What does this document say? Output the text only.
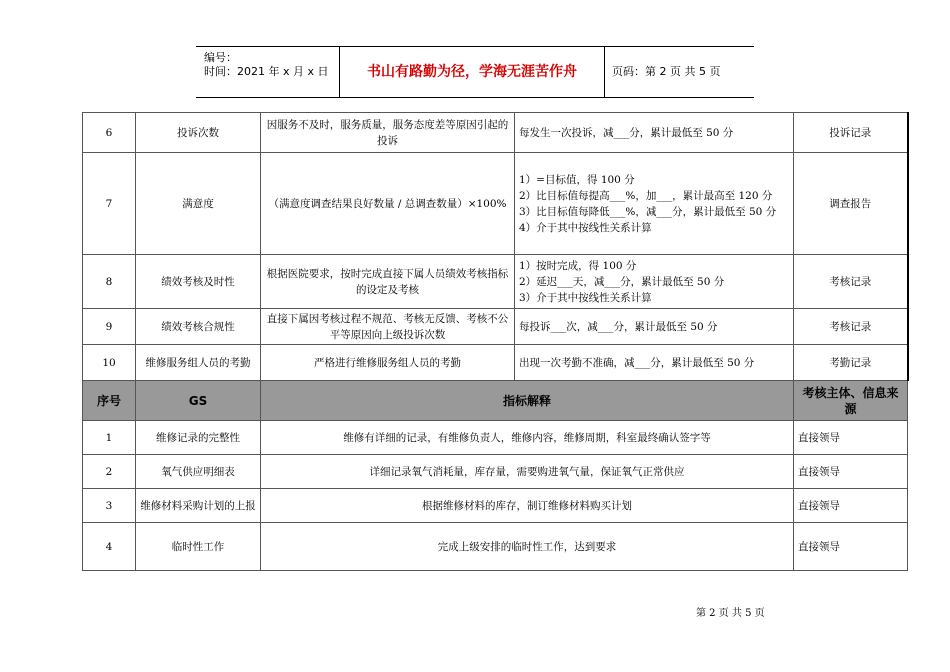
编号：
时间：2021 年 x 月 x 日	书山有路勤为径，学海无涯苦作舟	页码：第 2 页 共 5 页
6	投诉次数	因服务不及时，服务质量，服务态度差等原因引起的投诉	每发生一次投诉，减___分，累计最低至 50 分	投诉记录
7	满意度	（满意度调查结果良好数量 / 总调查数量）×100%	1）=目标值，得 100 分
2）比目标值每提高___%，加___，累计最高至 120 分
3）比目标值每降低___%，减___分，累计最低至 50 分
4）介于其中按线性关系计算	调查报告
8	绩效考核及时性	根据医院要求，按时完成直接下属人员绩效考核指标的设定及考核	1）按时完成，得 100 分
2）延迟___天，减___分，累计最低至 50 分
3）介于其中按线性关系计算	考核记录
9	绩效考核合规性	直接下属因考核过程不规范、考核无反馈、考核不公平等原因向上级投诉次数	每投诉___次，减___分，累计最低至 50 分	考核记录
10	维修服务组人员的考勤	严格进行维修服务组人员的考勤	出现一次考勤不准确，减___分，累计最低至 50 分	考勤记录
序号	GS	指标解释		考核主体、信息来源
1	维修记录的完整性	维修有详细的记录，有维修负责人，维修内容，维修周期，科室最终确认签字等		直接领导
2	氧气供应明细表	详细记录氧气消耗量，库存量，需要购进氧气量，保证氧气正常供应		直接领导
3	维修材料采购计划的上报	根据维修材料的库存，制订维修材料购买计划		直接领导
4	临时性工作	完成上级安排的临时性工作，达到要求		直接领导
第 2 页 共 5 页
